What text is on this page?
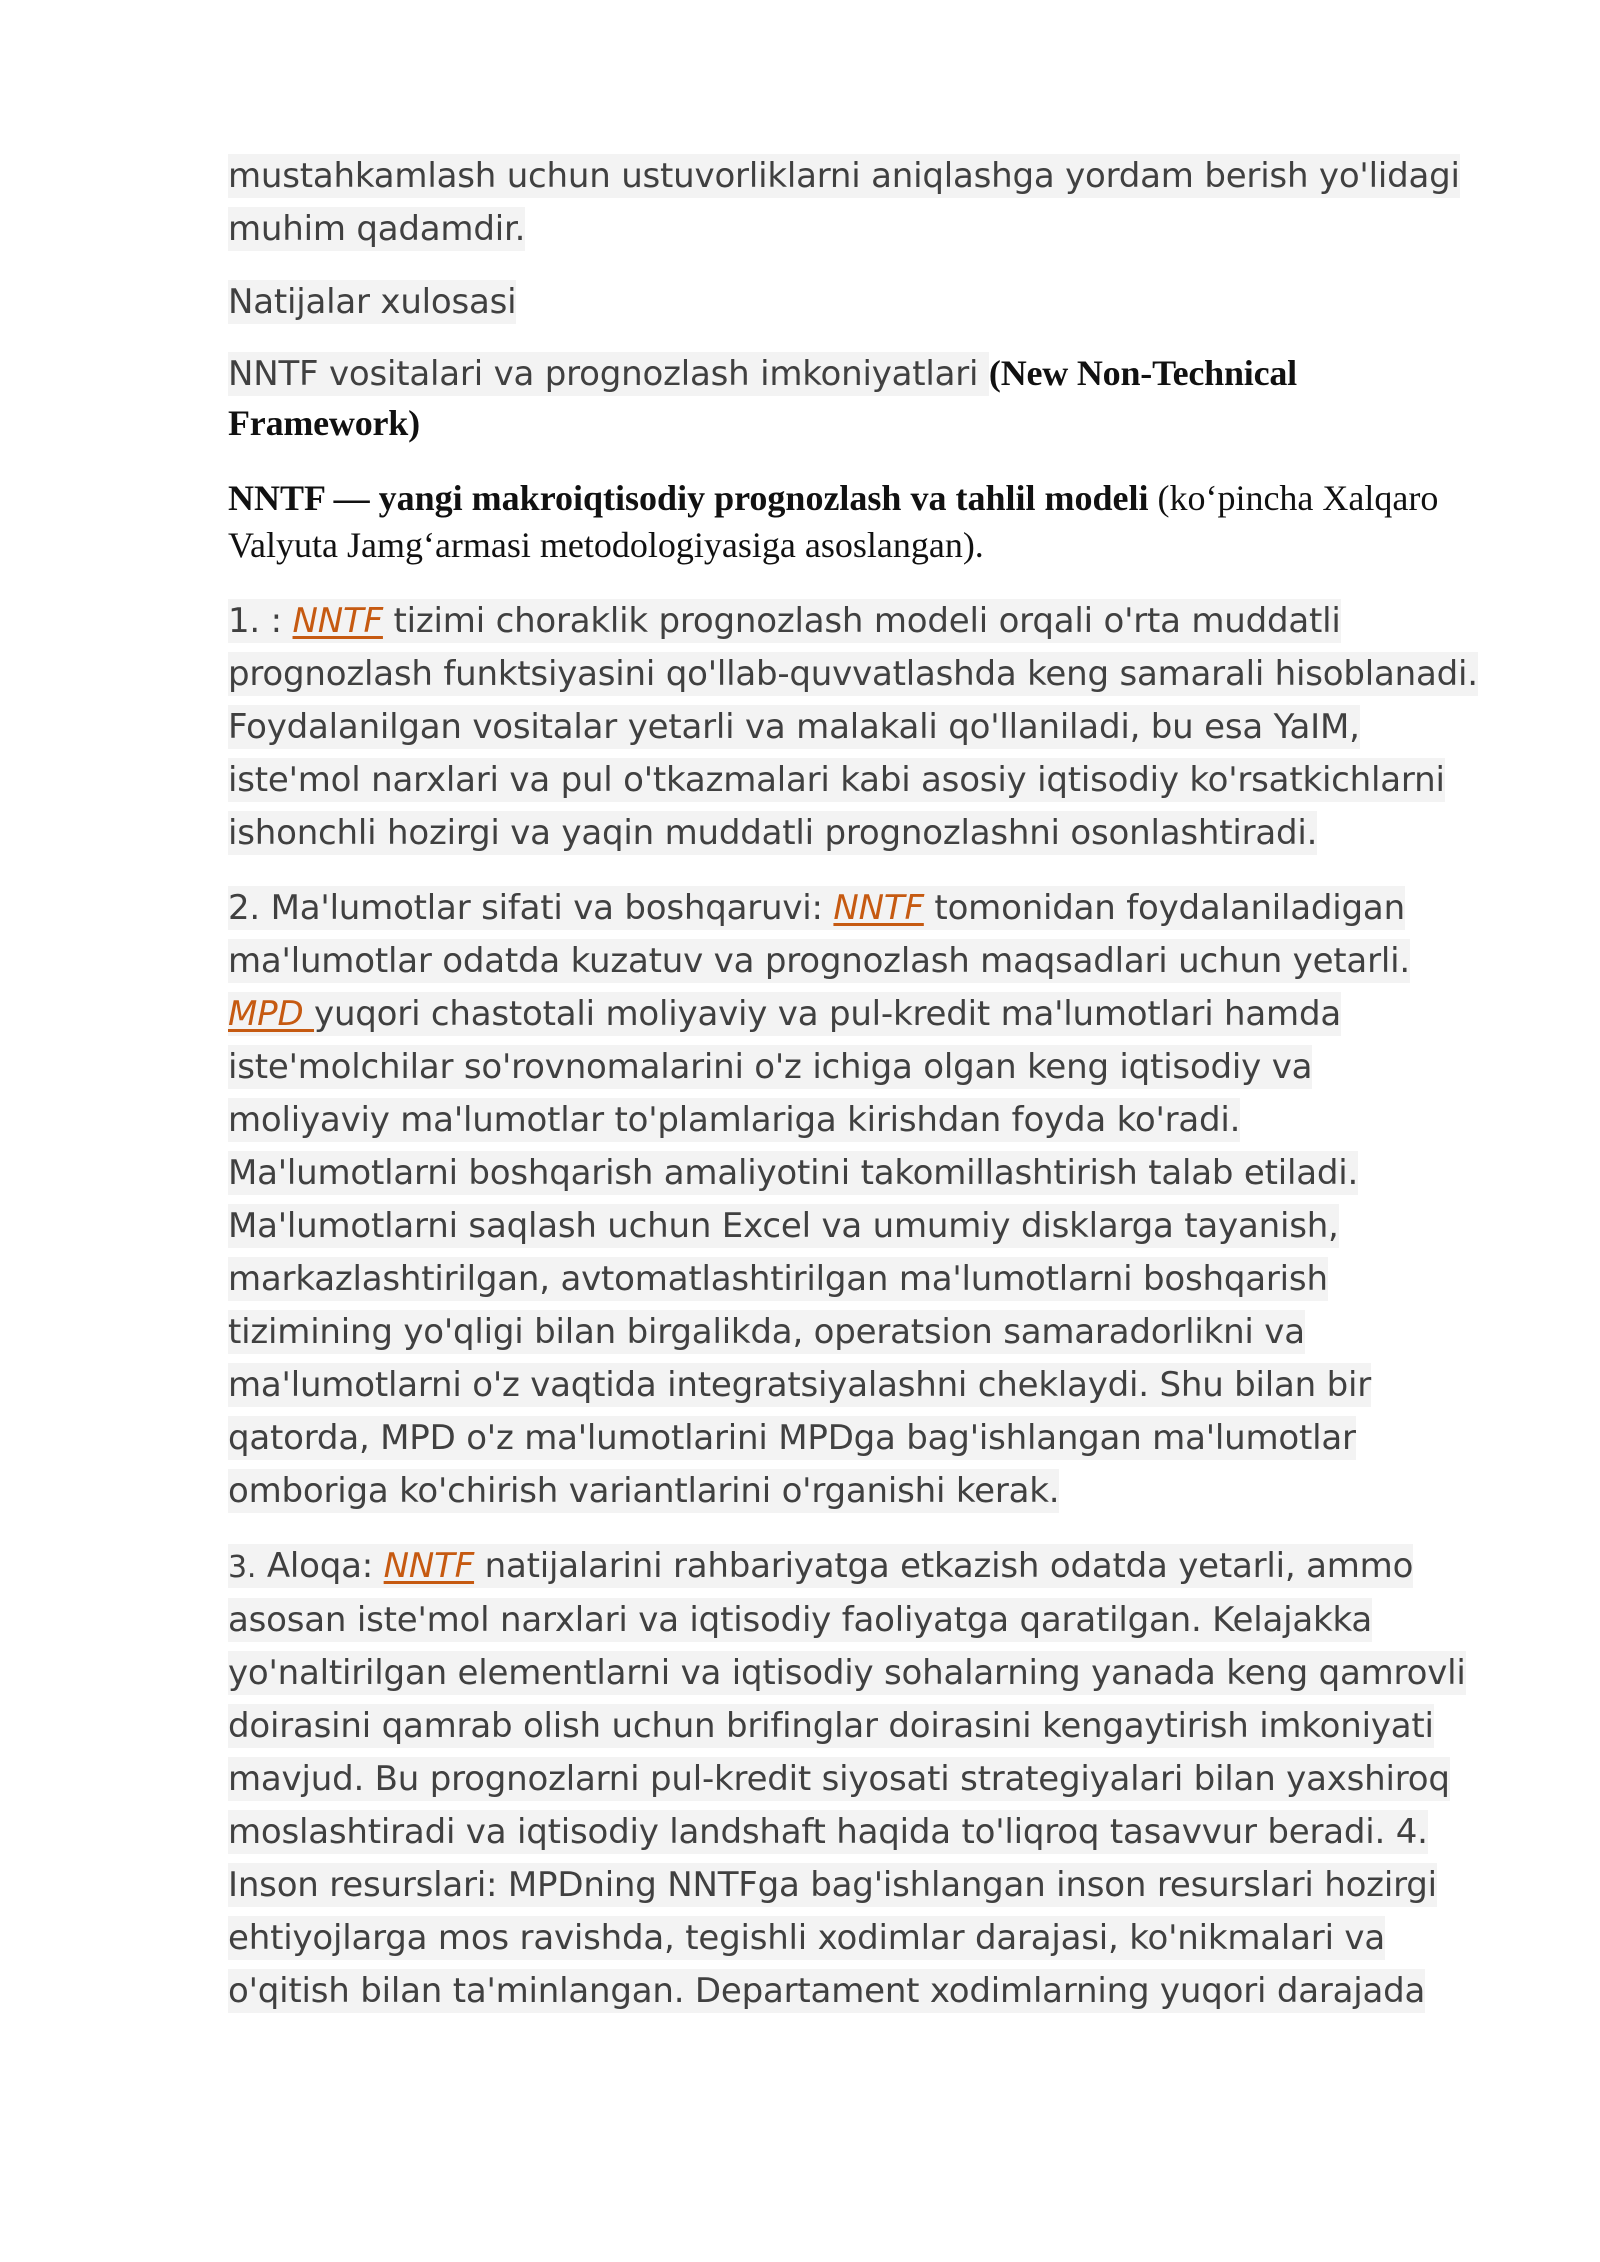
mustahkamlash uchun ustuvorliklarni aniqlashga yordam berish yo'lidagi muhim qadamdir.

Natijalar xulosasi

NNTF vositalari va prognozlash imkoniyatlari (New Non-Technical Framework)

NNTF — yangi makroiqtisodiy prognozlash va tahlil modeli (ko‘pincha Xalqaro Valyuta Jamg‘armasi metodologiyasiga asoslangan).

1. : NNTF tizimi choraklik prognozlash modeli orqali o'rta muddatli prognozlash funktsiyasini qo'llab-quvvatlashda keng samarali hisoblanadi. Foydalanilgan vositalar yetarli va malakali qo'llaniladi, bu esa YaIM, iste'mol narxlari va pul o'tkazmalari kabi asosiy iqtisodiy ko'rsatkichlarni ishonchli hozirgi va yaqin muddatli prognozlashni osonlashtiradi.

2. Ma'lumotlar sifati va boshqaruvi: NNTF tomonidan foydalaniladigan ma'lumotlar odatda kuzatuv va prognozlash maqsadlari uchun yetarli. MPD yuqori chastotali moliyaviy va pul-kredit ma'lumotlari hamda iste'molchilar so'rovnomalarini o'z ichiga olgan keng iqtisodiy va moliyaviy ma'lumotlar to'plamlariga kirishdan foyda ko'radi. Ma'lumotlarni boshqarish amaliyotini takomillashtirish talab etiladi. Ma'lumotlarni saqlash uchun Excel va umumiy disklarga tayanish, markazlashtirilgan, avtomatlashtirilgan ma'lumotlarni boshqarish tizimining yo'qligi bilan birgalikda, operatsion samaradorlikni va ma'lumotlarni o'z vaqtida integratsiyalashni cheklaydi. Shu bilan bir qatorda, MPD o'z ma'lumotlarini MPDga bag'ishlangan ma'lumotlar omboriga ko'chirish variantlarini o'rganishi kerak.

3. Aloqa: NNTF natijalarini rahbariyatga etkazish odatda yetarli, ammo asosan iste'mol narxlari va iqtisodiy faoliyatga qaratilgan. Kelajakka yo'naltirilgan elementlarni va iqtisodiy sohalarning yanada keng qamrovli doirasini qamrab olish uchun brifinglar doirasini kengaytirish imkoniyati mavjud. Bu prognozlarni pul-kredit siyosati strategiyalari bilan yaxshiroq moslashtiradi va iqtisodiy landshaft haqida to'liqroq tasavvur beradi. 4. Inson resurslari: MPDning NNTFga bag'ishlangan inson resurslari hozirgi ehtiyojlarga mos ravishda, tegishli xodimlar darajasi, ko'nikmalari va o'qitish bilan ta'minlangan. Departament xodimlarning yuqori darajada
